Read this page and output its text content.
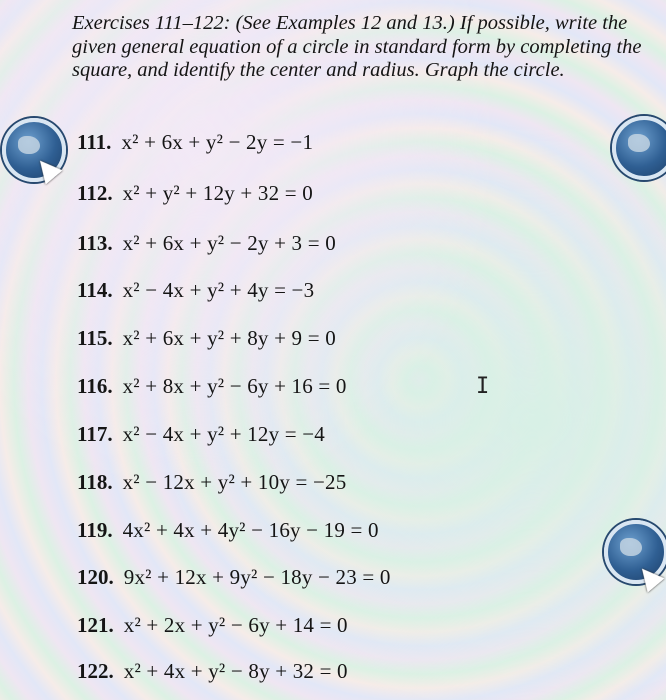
Exercises 111–122: (See Examples 12 and 13.) If possible, write the given general equation of a circle in standard form by completing the square, and identify the center and radius. Graph the circle.

111. x² + 6x + y² − 2y = −1
112. x² + y² + 12y + 32 = 0
113. x² + 6x + y² − 2y + 3 = 0
114. x² − 4x + y² + 4y = −3
115. x² + 6x + y² + 8y + 9 = 0
116. x² + 8x + y² − 6y + 16 = 0
117. x² − 4x + y² + 12y = −4
118. x² − 12x + y² + 10y = −25
119. 4x² + 4x + 4y² − 16y − 19 = 0
120. 9x² + 12x + 9y² − 18y − 23 = 0
121. x² + 2x + y² − 6y + 14 = 0
122. x² + 4x + y² − 8y + 32 = 0
I
